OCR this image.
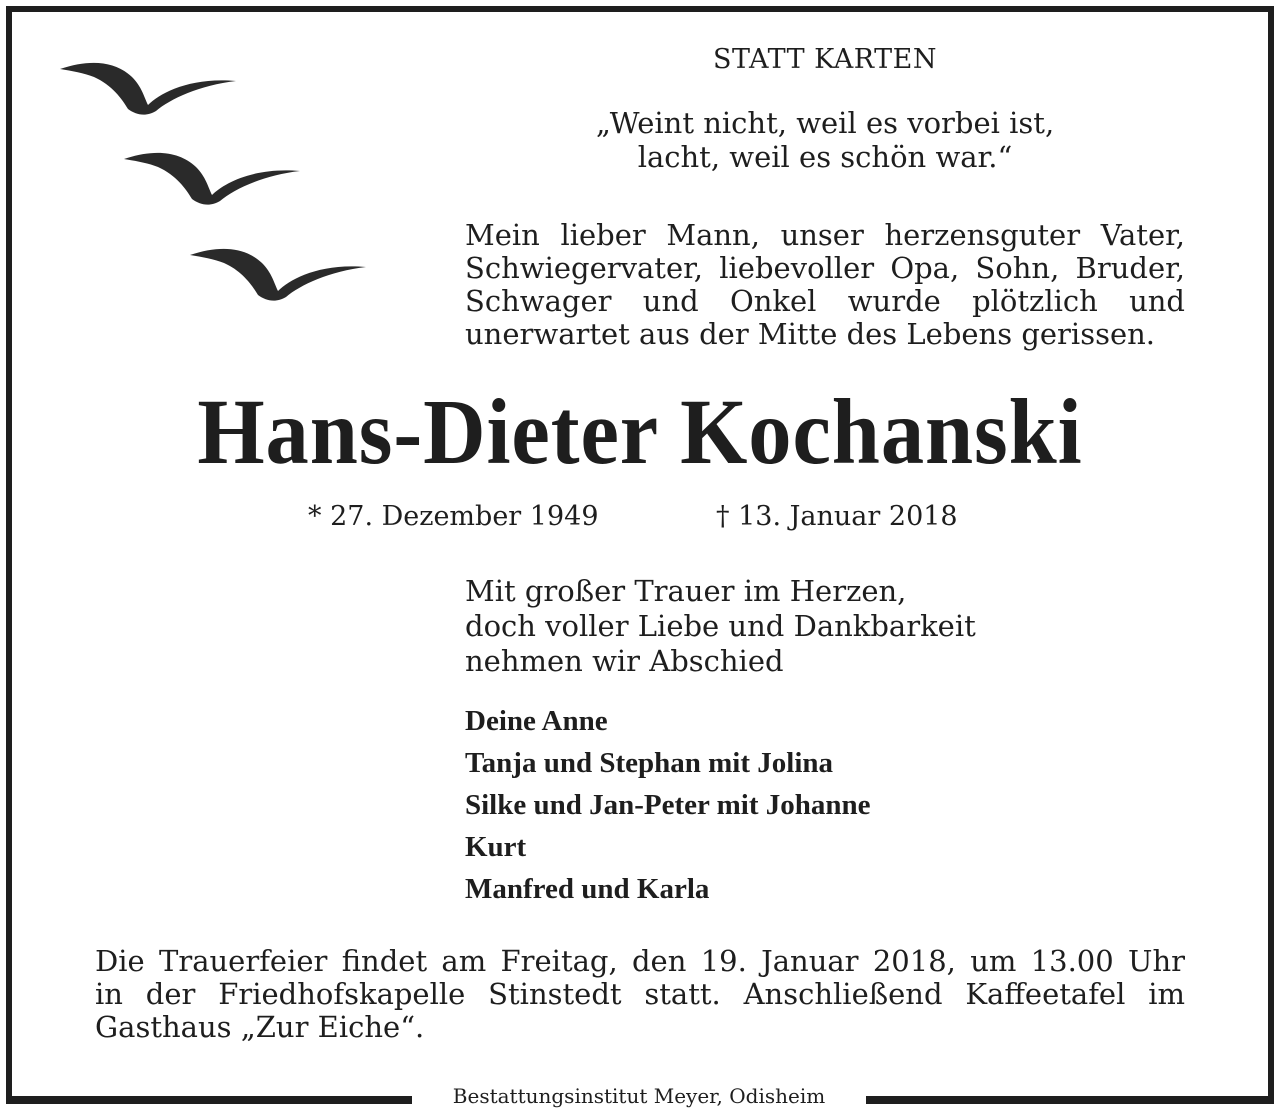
Bestattungsinstitut Meyer, Odisheim
STATT KARTEN
„Weint nicht, weil es vorbei ist,
lacht, weil es schön war.“
Mein lieber Mann, unser herzensguter Vater,
Schwiegervater, liebevoller Opa, Sohn, Bruder,
Schwager und Onkel wurde plötzlich und
unerwartet aus der Mitte des Lebens gerissen.
Hans-Dieter Kochanski
* 27. Dezember 1949	† 13. Januar 2018
Mit großer Trauer im Herzen,
doch voller Liebe und Dankbarkeit
nehmen wir Abschied
Deine Anne
Tanja und Stephan mit Jolina
Silke und Jan-Peter mit Johanne
Kurt
Manfred und Karla
Die Trauerfeier findet am Freitag, den 19. Januar 2018, um 13.00 Uhr
in der Friedhofskapelle Stinstedt statt. Anschließend Kaffeetafel im
Gasthaus „Zur Eiche“.
